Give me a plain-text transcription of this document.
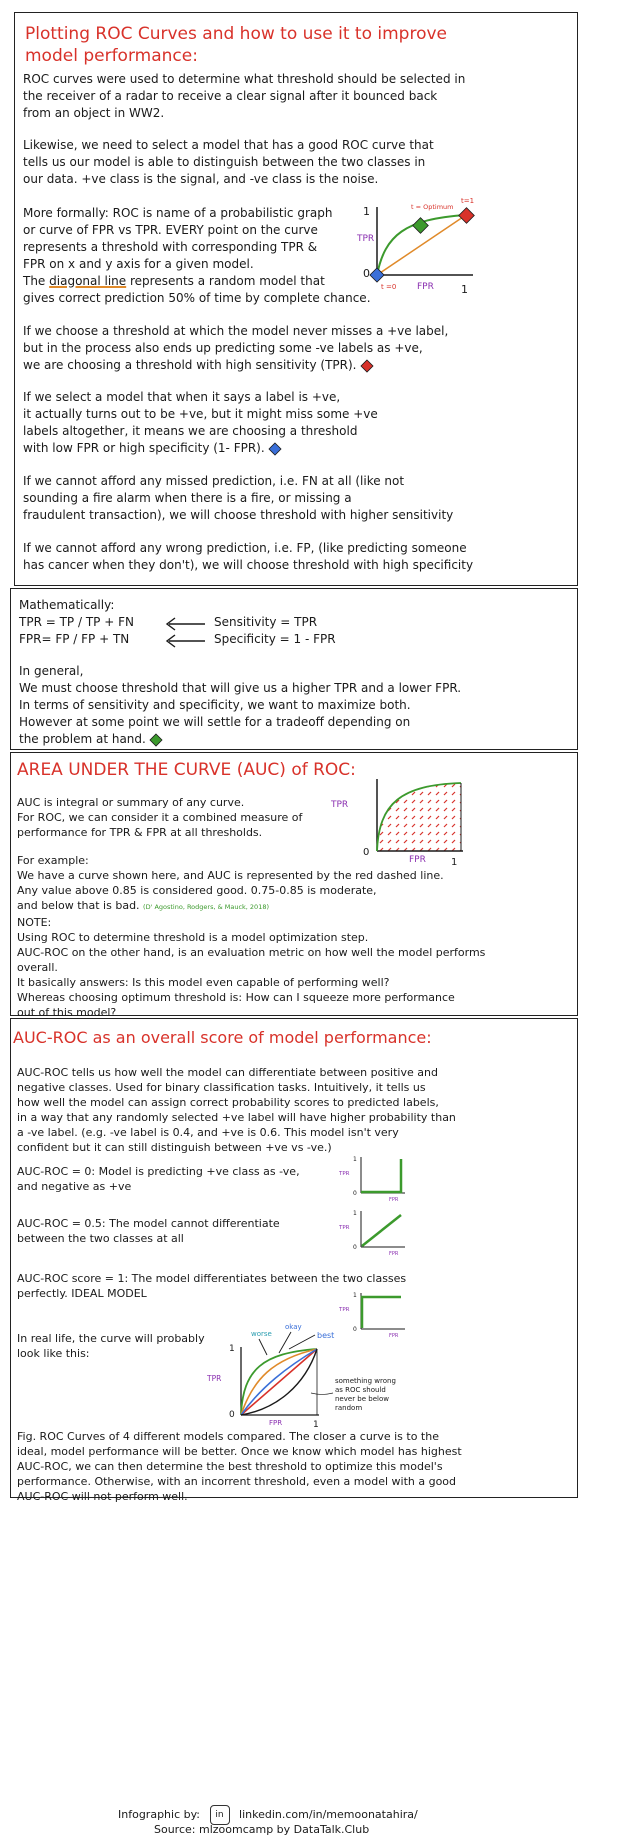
Plotting ROC Curves and how to use it to improve
model performance:
ROC curves were used to determine what threshold should be selected in
the receiver of a radar to receive a clear signal after it bounced back
from an object in WW2.
Likewise, we need to select a model that has a good ROC curve that
tells us our model is able to distinguish between the two classes in
our data. +ve class is the signal, and -ve class is the noise.
More formally: ROC is name of a probabilistic graph
or curve of FPR vs TPR. EVERY point on the curve
represents a threshold with corresponding TPR &
FPR on x and y axis for a given model.
The diagonal line represents a random model that
gives correct prediction 50% of time by complete chance.
1
TPR
0
t = Optimum
t=1
t =0 FPR 1
If we choose a threshold at which the model never misses a +ve label,
but in the process also ends up predicting some -ve labels as +ve,
we are choosing a threshold with high sensitivity (TPR).
If we select a model that when it says a label is +ve,
it actually turns out to be +ve, but it might miss some +ve
labels altogether, it means we are choosing a threshold
with low FPR or high specificity (1- FPR).
If we cannot afford any missed prediction, i.e. FN at all (like not
sounding a fire alarm when there is a fire, or missing a
fraudulent transaction), we will choose threshold with higher sensitivity
If we cannot afford any wrong prediction, i.e. FP, (like predicting someone
has cancer when they don't), we will choose threshold with high specificity
Mathematically:
TPR = TP / TP + FN
FPR= FP / FP + TN
Sensitivity = TPR
Specificity = 1 - FPR
In general,
We must choose threshold that will give us a higher TPR and a lower FPR.
In terms of sensitivity and specificity, we want to maximize both.
However at some point we will settle for a tradeoff depending on
the problem at hand.
AREA UNDER THE CURVE (AUC) of ROC:
AUC is integral or summary of any curve.
For ROC, we can consider it a combined measure of
performance for TPR & FPR at all thresholds.
TPR
0
FPR	1
For example:
We have a curve shown here, and AUC is represented by the red dashed line.
Any value above 0.85 is considered good. 0.75-0.85 is moderate,
and below that is bad. (D' Agostino, Rodgers, & Mauck, 2018)
NOTE:
Using ROC to determine threshold is a model optimization step.
AUC-ROC on the other hand, is an evaluation metric on how well the model performs
overall.
It basically answers: Is this model even capable of performing well?
Whereas choosing optimum threshold is: How can I squeeze more performance
out of this model?
AUC-ROC as an overall score of model performance:
AUC-ROC tells us how well the model can differentiate between positive and
negative classes. Used for binary classification tasks. Intuitively, it tells us
how well the model can assign correct probability scores to predicted labels,
in a way that any randomly selected +ve label will have higher probability than
a -ve label. (e.g. -ve label is 0.4, and +ve is 0.6. This model isn't very
confident but it can still distinguish between +ve vs -ve.)
AUC-ROC = 0: Model is predicting +ve class as -ve,
and negative as +ve
1
TPR
0
FPR
AUC-ROC = 0.5: The model cannot differentiate
between the two classes at all
1
TPR
0
FPR
AUC-ROC score = 1: The model differentiates between the two classes
perfectly. IDEAL MODEL	1
TPR
0
FPR
In real life, the curve will probably
look like this:
worse
okay
best
1
TPR
0
FPR	1
something wrong
as ROC should
never be below
random
Fig. ROC Curves of 4 different models compared. The closer a curve is to the
ideal, model performance will be better. Once we know which model has highest
AUC-ROC, we can then determine the best threshold to optimize this model's
performance. Otherwise, with an incorrent threshold, even a model with a good
AUC-ROC will not perform well.
Infographic by: in linkedin.com/in/memoonatahira/
Source: mlzoomcamp by DataTalk.Club
